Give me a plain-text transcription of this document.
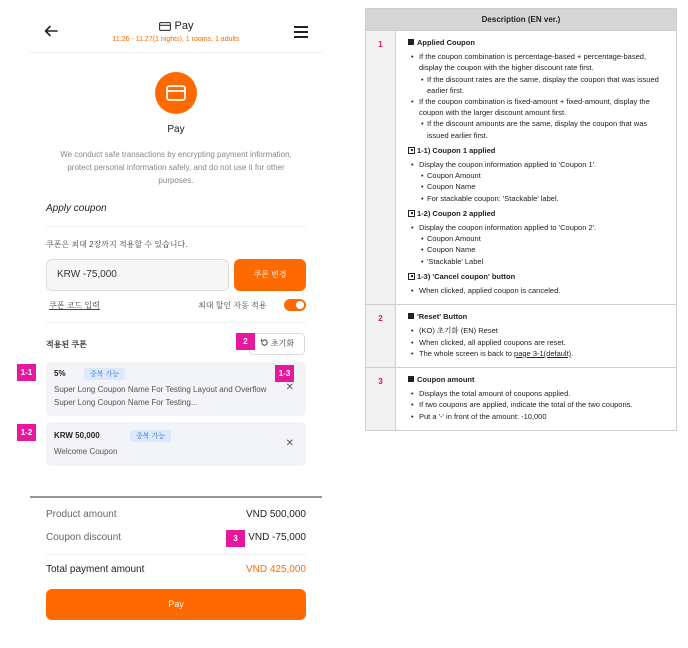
Pay
11.26 - 11.27(1 nights), 1 rooms, 1 adults
Pay
We conduct safe transactions by encrypting payment information, protect personal information safely, and do not use it for other purposes.
Apply coupon
쿠폰은 최대 2장까지 적용할 수 있습니다.
KRW -75,000	쿠폰 변경
쿠폰 코드 입력	최대 할인 자동 적용
적용된 쿠폰	초기화
2
5%	중복 가능
Super Long Coupon Name For Testing Layout and Overflow Super Long Coupon Name For Testing...
✕
KRW 50,000	중복 가능
Welcome Coupon
✕
1-3
Product amount	VND 500,000
Coupon discount	VND -75,000
3
Total payment amount	VND 425,000
Pay
1-1
1-2
Description (EN ver.)
1	Applied Coupon
• If the coupon combination is percentage-based + percentage-based, display the coupon with the higher discount rate first.
• If the discount rates are the same, display the coupon that was issued earlier first.
• If the coupon combination is fixed-amount + fixed-amount, display the coupon with the larger discount amount first.
• If the discount amounts are the same, display the coupon that was issued earlier first.
1-1) Coupon 1 applied
• Display the coupon information applied to 'Coupon 1'.
• Coupon Amount
• Coupon Name
• For stackable coupon: 'Stackable' label.
1-2) Coupon 2 applied
• Display the coupon information applied to 'Coupon 2'.
• Coupon Amount
• Coupon Name
• 'Stackable' Label
1-3) 'Cancel coupon' button
• When clicked, applied coupon is canceled.
2	'Reset' Button
• (KO) 초기화 (EN) Reset
• When clicked, all applied coupons are reset.
• The whole screen is back to page 3-1(default).
3	Coupon amount
• Displays the total amount of coupons applied.
• If two coupons are applied, indicate the total of the two coupons.
• Put a '-' in front of the amount: -10,000
